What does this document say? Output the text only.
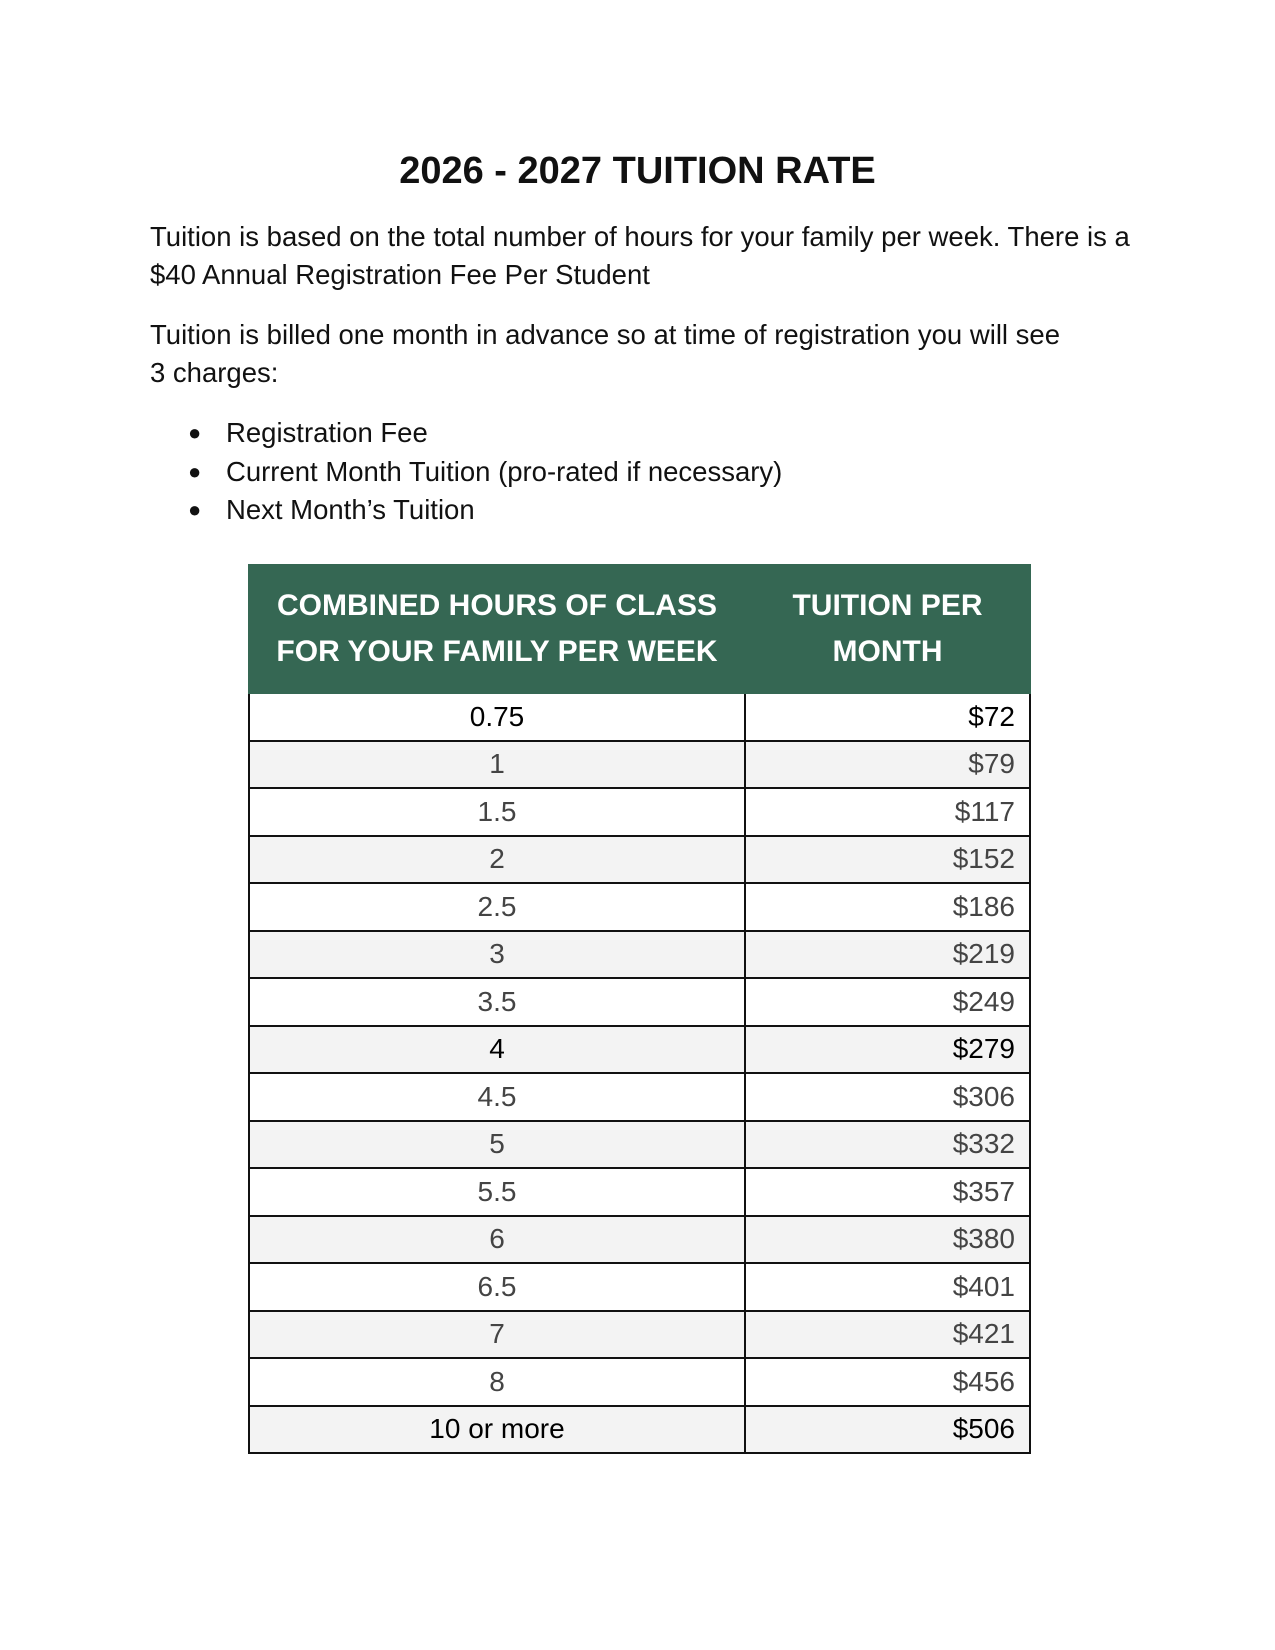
2026 - 2027 TUITION RATE

Tuition is based on the total number of hours for your family per week. There is a $40 Annual Registration Fee Per Student

Tuition is billed one month in advance so at time of registration you will see
3 charges:

● Registration Fee
● Current Month Tuition (pro-rated if necessary)
● Next Month’s Tuition
COMBINED HOURS OF CLASS FOR YOUR FAMILY PER WEEK	TUITION PER MONTH
0.75	$72
1	$79
1.5	$117
2	$152
2.5	$186
3	$219
3.5	$249
4	$279
4.5	$306
5	$332
5.5	$357
6	$380
6.5	$401
7	$421
8	$456
10 or more	$506
